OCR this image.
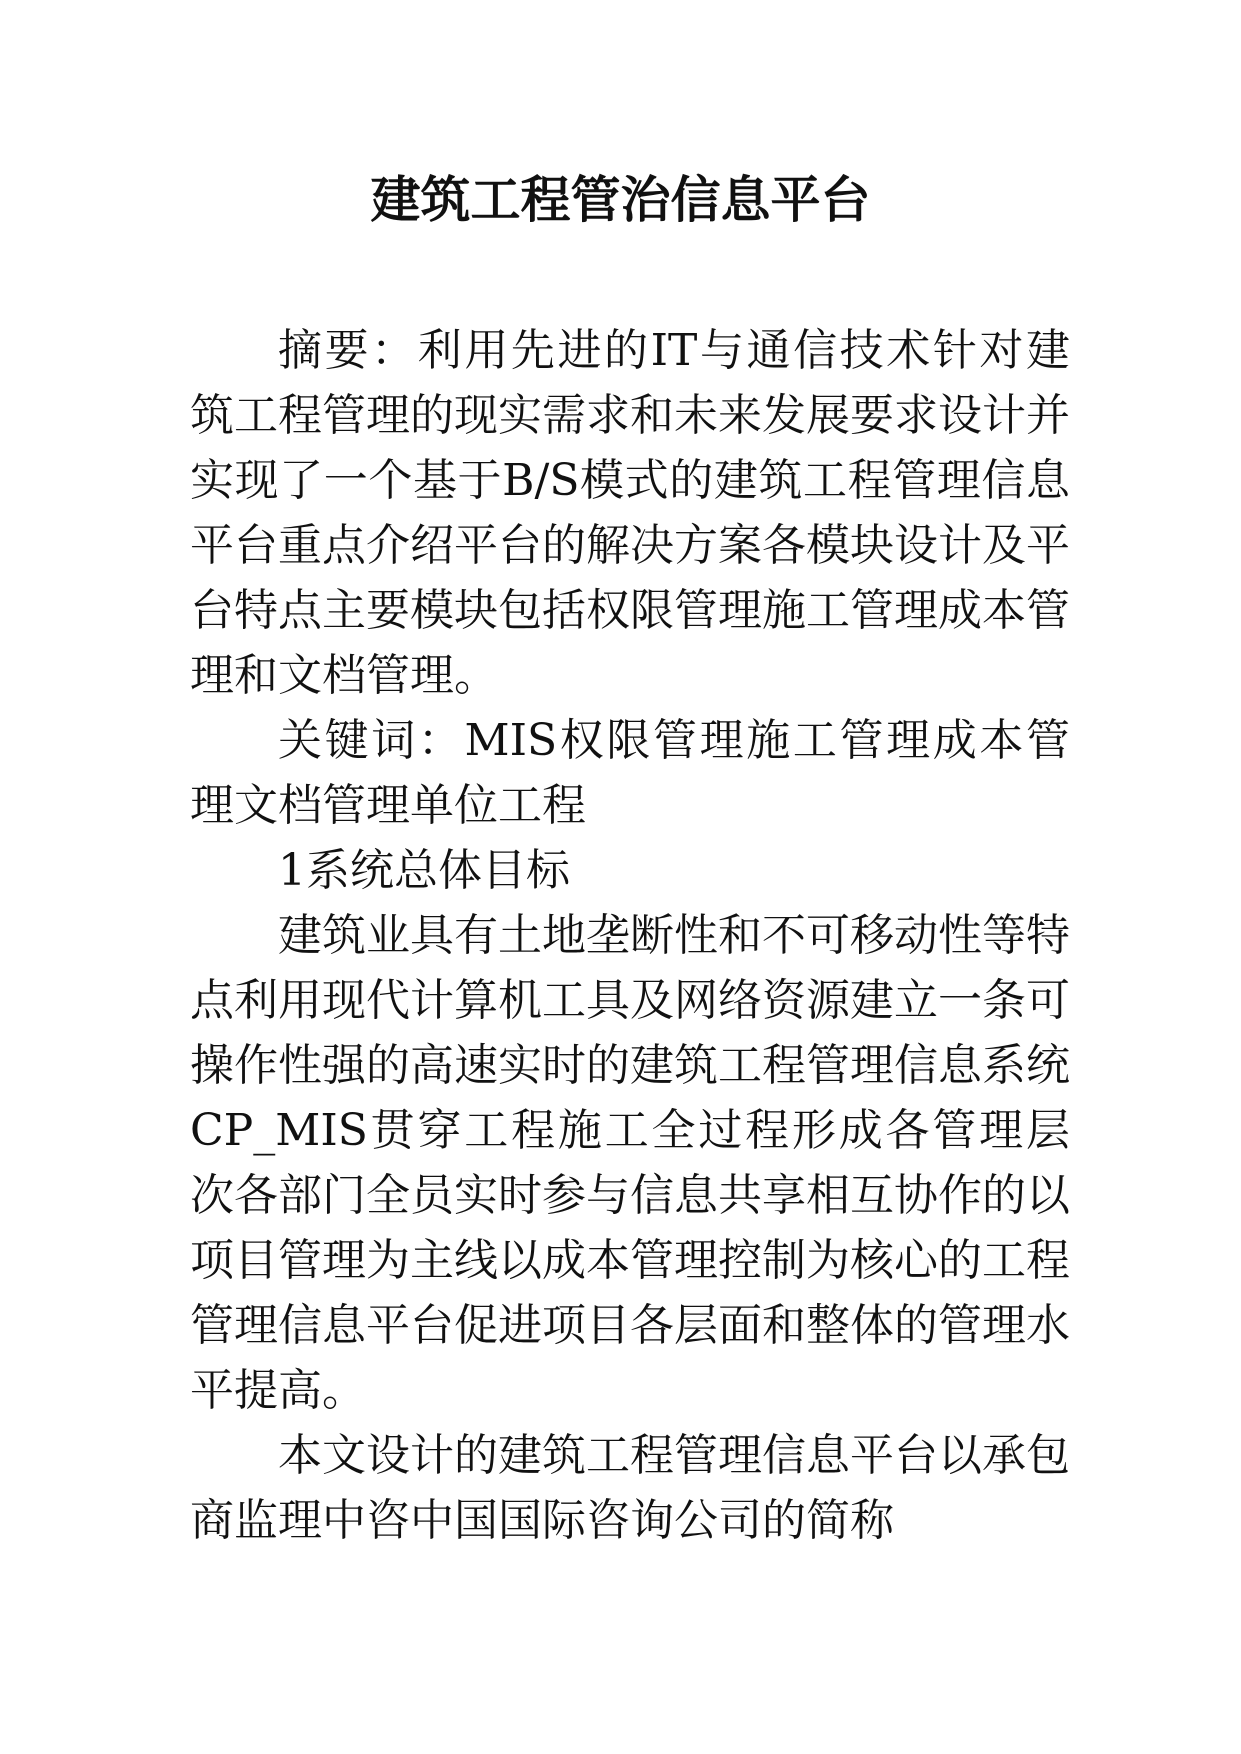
建筑工程管治信息平台

摘要：利用先进的IT与通信技术针对建筑工程管理的现实需求和未来发展要求设计并实现了一个基于B/S模式的建筑工程管理信息平台重点介绍平台的解决方案各模块设计及平台特点主要模块包括权限管理施工管理成本管理和文档管理。

关键词：MIS权限管理施工管理成本管理文档管理单位工程

1系统总体目标

建筑业具有土地垄断性和不可移动性等特点利用现代计算机工具及网络资源建立一条可操作性强的高速实时的建筑工程管理信息系统CP_MIS贯穿工程施工全过程形成各管理层次各部门全员实时参与信息共享相互协作的以项目管理为主线以成本管理控制为核心的工程管理信息平台促进项目各层面和整体的管理水平提高。

本文设计的建筑工程管理信息平台以承包商监理中咨中国国际咨询公司的简称
